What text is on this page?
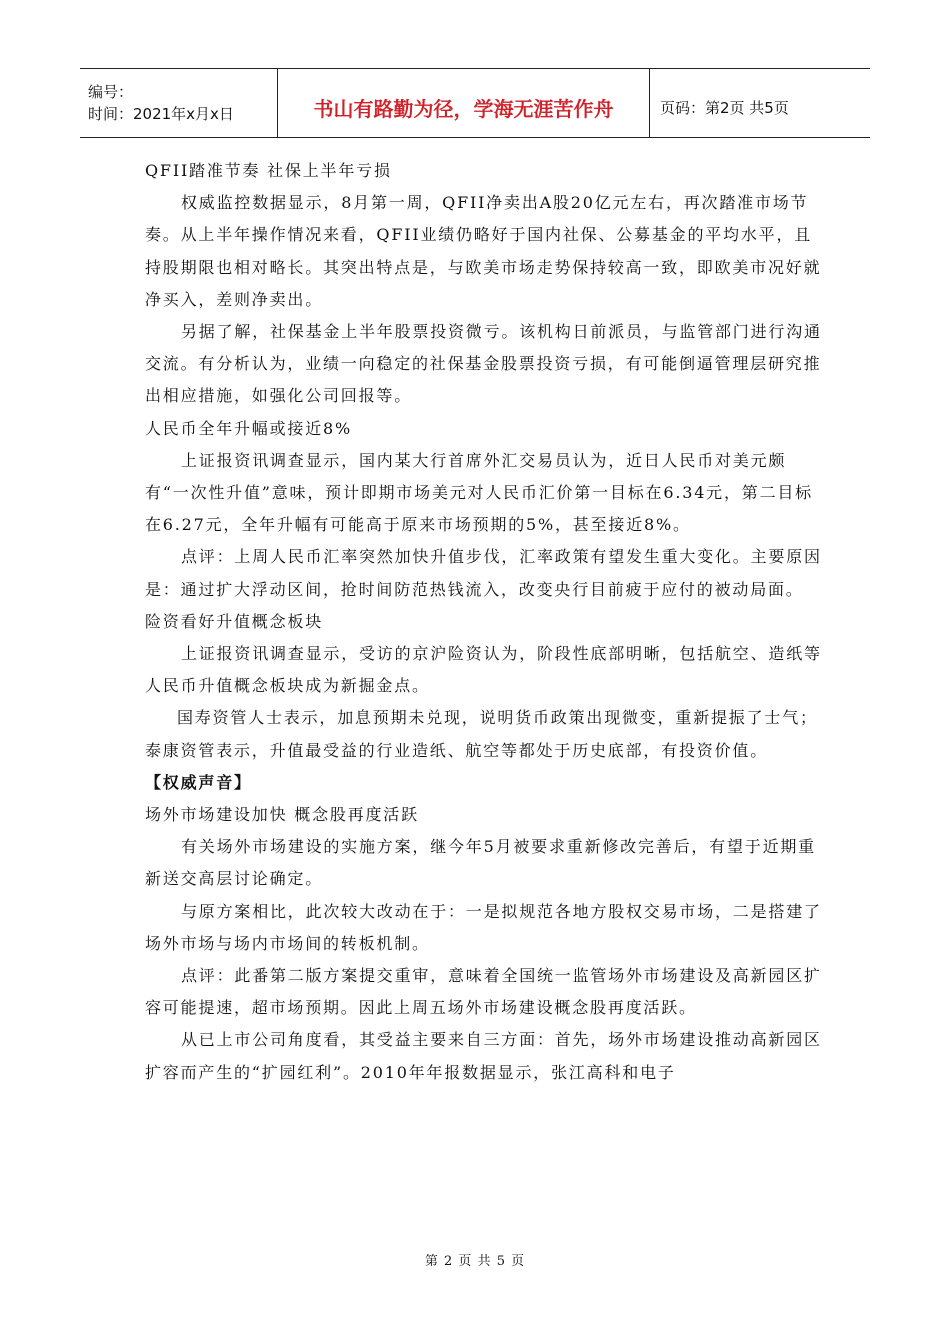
编号：
时间：2021年x月x日	书山有路勤为径，学海无涯苦作舟	页码：第2页 共5页

QFII踏准节奏 社保上半年亏损

权威监控数据显示，8月第一周，QFII净卖出A股20亿元左右，再次踏准市场节奏。从上半年操作情况来看，QFII业绩仍略好于国内社保、公募基金的平均水平，且持股期限也相对略长。其突出特点是，与欧美市场走势保持较高一致，即欧美市况好就净买入，差则净卖出。

另据了解，社保基金上半年股票投资微亏。该机构日前派员，与监管部门进行沟通交流。有分析认为，业绩一向稳定的社保基金股票投资亏损，有可能倒逼管理层研究推出相应措施，如强化公司回报等。

人民币全年升幅或接近8%

上证报资讯调查显示，国内某大行首席外汇交易员认为，近日人民币对美元颇有“一次性升值”意味，预计即期市场美元对人民币汇价第一目标在6.34元，第二目标在6.27元，全年升幅有可能高于原来市场预期的5%，甚至接近8%。

点评：上周人民币汇率突然加快升值步伐，汇率政策有望发生重大变化。主要原因是：通过扩大浮动区间，抢时间防范热钱流入，改变央行目前疲于应付的被动局面。

险资看好升值概念板块

上证报资讯调查显示，受访的京沪险资认为，阶段性底部明晰，包括航空、造纸等人民币升值概念板块成为新掘金点。

国寿资管人士表示，加息预期未兑现，说明货币政策出现微变，重新提振了士气；泰康资管表示，升值最受益的行业造纸、航空等都处于历史底部，有投资价值。

【权威声音】

场外市场建设加快 概念股再度活跃

有关场外市场建设的实施方案，继今年5月被要求重新修改完善后，有望于近期重新送交高层讨论确定。

与原方案相比，此次较大改动在于：一是拟规范各地方股权交易市场，二是搭建了场外市场与场内市场间的转板机制。

点评：此番第二版方案提交重审，意味着全国统一监管场外市场建设及高新园区扩容可能提速，超市场预期。因此上周五场外市场建设概念股再度活跃。

从已上市公司角度看，其受益主要来自三方面：首先，场外市场建设推动高新园区扩容而产生的“扩园红利”。2010年年报数据显示，张江高科和电子

第 2 页 共 5 页
